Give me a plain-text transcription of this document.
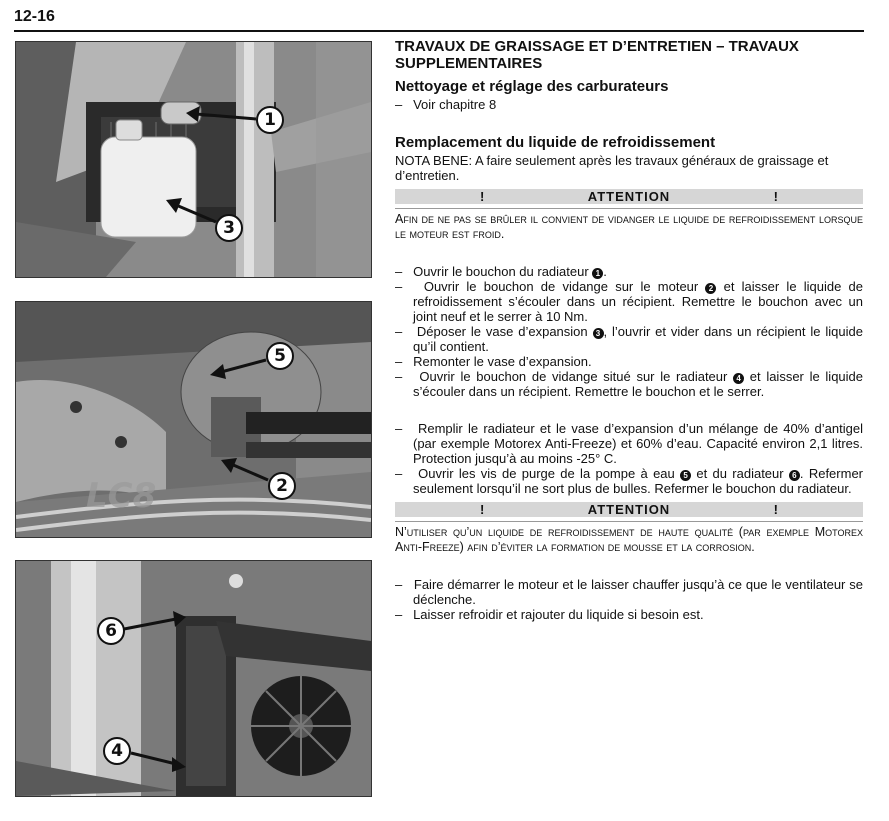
12-16
1
3
LC8
5
2
6
4
TRAVAUX DE GRAISSAGE ET D’ENTRETIEN – TRAVAUX SUPPLEMENTAIRES
Nettoyage et réglage des carburateurs

–   Voir chapitre 8

Remplacement du liquide de refroidissement

NOTA BENE: A faire seulement après les travaux généraux de graissage et d’entretien.

!	ATTENTION	!

Afin de ne pas se brûler il convient de vidanger le liquide de refroidissement lorsque le moteur est froid.

–   Ouvrir le bouchon du radiateur 1 .

–   Ouvrir le bouchon de vidange sur le moteur 2 et laisser le liquide de refroidissement s’écouler dans un récipient. Remettre le bouchon avec un joint neuf et le serrer à 10 Nm.

–   Déposer le vase d’expansion 3 , l’ouvrir et vider dans un récipient le liquide qu’il contient.

–   Remonter le vase d’expansion.

–   Ouvrir le bouchon de vidange situé sur le radiateur 4 et laisser le liquide s’écouler dans un récipient. Remettre le bouchon et le serrer.

–   Remplir le radiateur et le vase d’expansion d’un mélange de 40% d’antigel (par exemple Motorex Anti-Freeze) et 60% d’eau. Capacité environ 2,1 litres. Protection jusqu’à au moins -25° C.

–   Ouvrir les vis de purge de la pompe à eau 5 et du radiateur 6 . Refermer seulement lorsqu’il ne sort plus de bulles. Refermer le bouchon du radiateur.

!	ATTENTION	!

N’utiliser qu’un liquide de refroidissement de haute qualité (par exemple Motorex Anti-Freeze) afin d’éviter la formation de mousse et la corrosion.

–   Faire démarrer le moteur et le laisser chauffer jusqu’à ce que le ventilateur se déclenche.

–   Laisser refroidir et rajouter du liquide si besoin est.
